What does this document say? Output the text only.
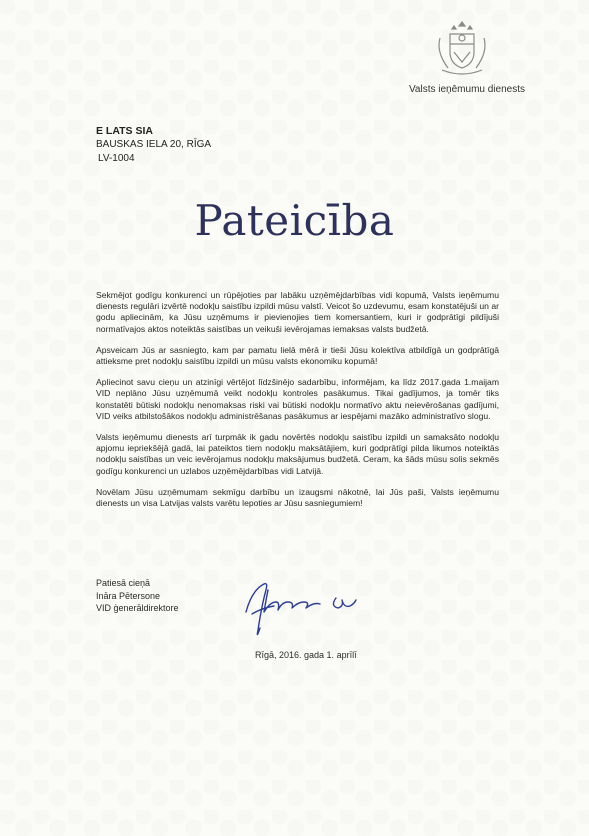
Valsts ieņēmumu dienests
E LATS SIA
BAUSKAS IELA 20, RĪGA
LV-1004
Pateicība

Sekmējot godīgu konkurenci un rūpējoties par labāku uzņēmējdarbības vidi kopumā, Valsts ieņēmumu dienests regulāri izvērtē nodokļu saistību izpildi mūsu valstī. Veicot šo uzdevumu, esam konstatējuši un ar godu apliecinām, ka Jūsu uzņēmums ir pievienojies tiem komersantiem, kuri ir godprātīgi pildījuši normatīvajos aktos noteiktās saistības un veikuši ievērojamas iemaksas valsts budžetā.

Apsveicam Jūs ar sasniegto, kam par pamatu lielā mērā ir tieši Jūsu kolektīva atbildīgā un godprātīgā attieksme pret nodokļu saistību izpildi un mūsu valsts ekonomiku kopumā!

Apliecinot savu cieņu un atzinīgi vērtējot līdzšinējo sadarbību, informējam, ka līdz 2017.gada 1.maijam VID neplāno Jūsu uzņēmumā veikt nodokļu kontroles pasākumus. Tikai gadījumos, ja tomēr tiks konstatēti būtiski nodokļu nenomaksas riski vai būtiski nodokļu normatīvo aktu neievērošanas gadījumi, VID veiks atbilstošākos nodokļu administrēšanas pasākumus ar iespējami mazāko administratīvo slogu.

Valsts ieņēmumu dienests arī turpmāk ik gadu novērtēs nodokļu saistību izpildi un samaksāto nodokļu apjomu iepriekšējā gadā, lai pateiktos tiem nodokļu maksātājiem, kuri godprātīgi pilda likumos noteiktās nodokļu saistības un veic ievērojamus nodokļu maksājumus budžetā. Ceram, ka šāds mūsu solis sekmēs godīgu konkurenci un uzlabos uzņēmējdarbības vidi Latvijā.

Novēlam Jūsu uzņēmumam sekmīgu darbību un izaugsmi nākotnē, lai Jūs paši, Valsts ieņēmumu dienests un visa Latvijas valsts varētu lepoties ar Jūsu sasniegumiem!

Patiesā cieņā
Ināra Pētersone
VID ģenerāldirektore
Rīgā, 2016. gada 1. aprīlī
